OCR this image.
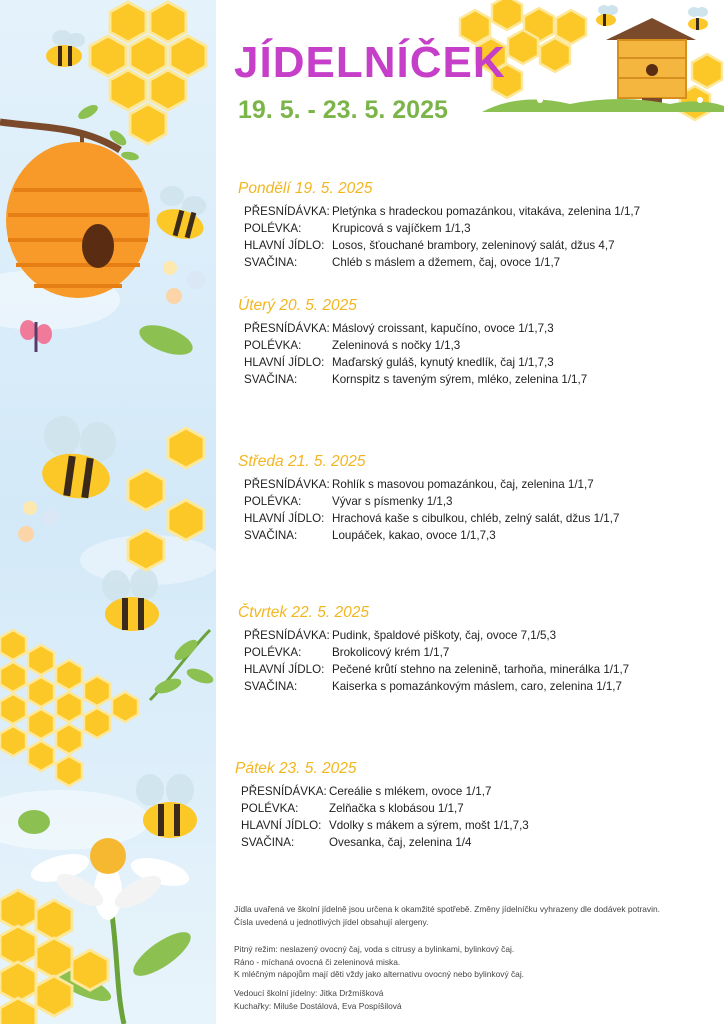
JÍDELNÍČEK
19. 5. - 23. 5. 2025
Pondělí 19. 5. 2025
PŘESNÍDÁVKA: Pletýnka s hradeckou pomazánkou, vitakáva, zelenina 1/1,7
POLÉVKA:	Krupicová s vajíčkem 1/1,3
HLAVNÍ JÍDLO: Losos, šťouchané brambory, zeleninový salát, džus 4,7
SVAČINA:	Chléb s máslem a džemem, čaj, ovoce 1/1,7
Úterý 20. 5. 2025
PŘESNÍDÁVKA: Máslový croissant, kapučíno, ovoce 1/1,7,3
POLÉVKA:	Zeleninová s nočky 1/1,3
HLAVNÍ JÍDLO: Maďarský guláš, kynutý knedlík, čaj 1/1,7,3
SVAČINA:	Kornspitz s taveným sýrem, mléko, zelenina 1/1,7
Středa 21. 5. 2025
PŘESNÍDÁVKA: Rohlík s masovou pomazánkou, čaj, zelenina 1/1,7
POLÉVKA:	Vývar s písmenky 1/1,3
HLAVNÍ JÍDLO: Hrachová kaše s cibulkou, chléb, zelný salát, džus 1/1,7
SVAČINA:	Loupáček, kakao, ovoce 1/1,7,3
Čtvrtek 22. 5. 2025
PŘESNÍDÁVKA: Pudink, špaldové piškoty, čaj, ovoce 7,1/5,3
POLÉVKA:	Brokolicový krém 1/1,7
HLAVNÍ JÍDLO: Pečené krůtí stehno na zelenině, tarhoňa, minerálka 1/1,7
SVAČINA:	Kaiserka s pomazánkovým máslem, caro, zelenina 1/1,7
Pátek 23. 5. 2025
PŘESNÍDÁVKA: Cereálie s mlékem, ovoce 1/1,7
POLÉVKA:	Zelňačka s klobásou 1/1,7
HLAVNÍ JÍDLO: Vdolky s mákem a sýrem, mošt 1/1,7,3
SVAČINA:	Ovesanka, čaj, zelenina 1/4

Jídla uvařená ve školní jídelně jsou určena k okamžité spotřebě. Změny jídelníčku vyhrazeny dle dodávek potravin.

Čísla uvedená u jednotlivých jídel obsahují alergeny.

Pitný režim: neslazený ovocný čaj, voda s citrusy a bylinkami, bylinkový čaj.

Ráno - míchaná ovocná či zeleninová miska.

K mléčným nápojům mají děti vždy jako alternativu ovocný nebo bylinkový čaj.

Vedoucí školní jídelny: Jitka Držmíšková

Kuchařky: Miluše Dostálová, Eva Pospíšilová
